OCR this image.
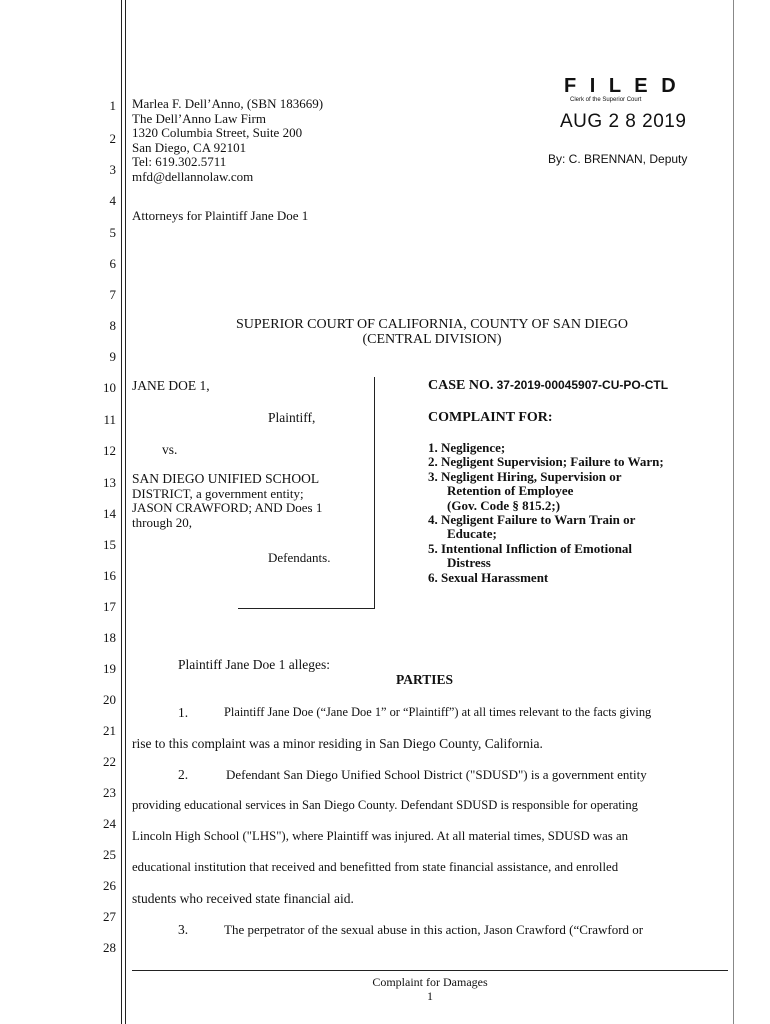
1
2
3
4
5
6
7
8
9
10
11
12
13
14
15
16
17
18
19
20
21
22
23
24
25
26
27
28
Marlea F. Dell’Anno, (SBN 183669)
The Dell’Anno Law Firm
1320 Columbia Street, Suite 200
San Diego, CA 92101
Tel: 619.302.5711
mfd@dellannolaw.com
Attorneys for Plaintiff Jane Doe 1
F I L E D
Clerk of the Superior Court
AUG 2 8 2019
By: C. BRENNAN, Deputy
SUPERIOR COURT OF CALIFORNIA, COUNTY OF SAN DIEGO
(CENTRAL DIVISION)
JANE DOE 1,
Plaintiff,
vs.
SAN DIEGO UNIFIED SCHOOL
DISTRICT, a government entity;
JASON CRAWFORD; AND Does 1
through 20,
Defendants.
CASE NO. 37-2019-00045907-CU-PO-CTL
COMPLAINT FOR:
1. Negligence;
2. Negligent Supervision; Failure to Warn;
3. Negligent Hiring, Supervision or
Retention of Employee
(Gov. Code § 815.2;)
4. Negligent Failure to Warn Train or
Educate;
5. Intentional Infliction of Emotional
Distress
6. Sexual Harassment
Plaintiff Jane Doe 1 alleges:
PARTIES
1.	Plaintiff Jane Doe (“Jane Doe 1” or “Plaintiff”) at all times relevant to the facts giving
rise to this complaint was a minor residing in San Diego County, California.
2.	Defendant San Diego Unified School District ("SDUSD") is a government entity
providing educational services in San Diego County. Defendant SDUSD is responsible for operating
Lincoln High School ("LHS"), where Plaintiff was injured. At all material times, SDUSD was an
educational institution that received and benefitted from state financial assistance, and enrolled
students who received state financial aid.
3.	The perpetrator of the sexual abuse in this action, Jason Crawford (“Crawford or
Complaint for Damages
1
